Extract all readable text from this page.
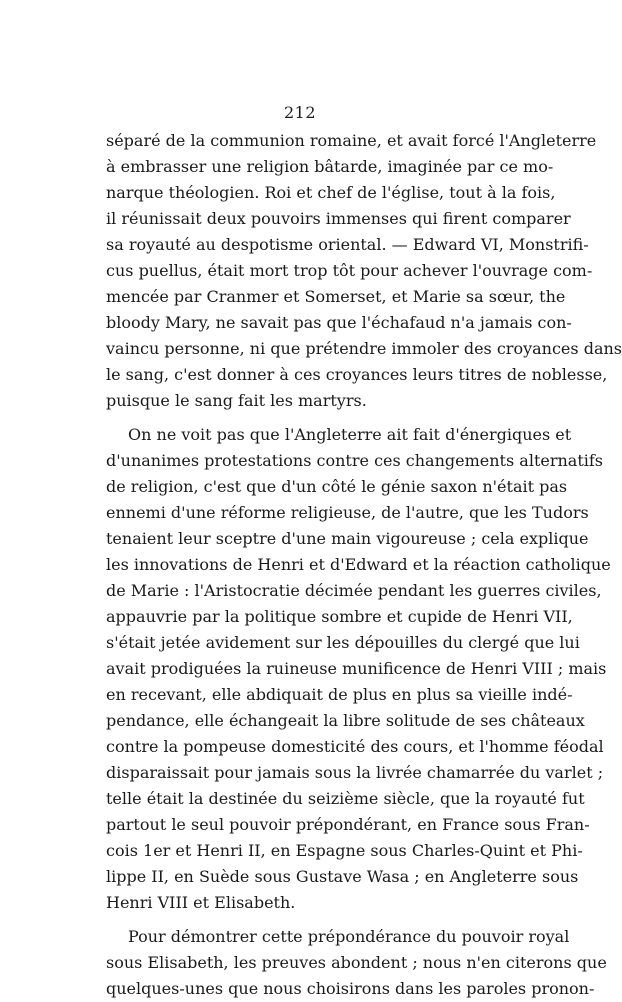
212
séparé de la communion romaine, et avait forcé l'Angleterre
à embrasser une religion bâtarde, imaginée par ce mo-
narque théologien. Roi et chef de l'église, tout à la fois,
il réunissait deux pouvoirs immenses qui firent comparer
sa royauté au despotisme oriental. — Edward VI, Monstrifi-
cus puellus, était mort trop tôt pour achever l'ouvrage com-
mencée par Cranmer et Somerset, et Marie sa sœur, the
bloody Mary, ne savait pas que l'échafaud n'a jamais con-
vaincu personne, ni que prétendre immoler des croyances dans
le sang, c'est donner à ces croyances leurs titres de noblesse,
puisque le sang fait les martyrs.
On ne voit pas que l'Angleterre ait fait d'énergiques et
d'unanimes protestations contre ces changements alternatifs
de religion, c'est que d'un côté le génie saxon n'était pas
ennemi d'une réforme religieuse, de l'autre, que les Tudors
tenaient leur sceptre d'une main vigoureuse ; cela explique
les innovations de Henri et d'Edward et la réaction catholique
de Marie : l'Aristocratie décimée pendant les guerres civiles,
appauvrie par la politique sombre et cupide de Henri VII,
s'était jetée avidement sur les dépouilles du clergé que lui
avait prodiguées la ruineuse munificence de Henri VIII ; mais
en recevant, elle abdiquait de plus en plus sa vieille indé-
pendance, elle échangeait la libre solitude de ses châteaux
contre la pompeuse domesticité des cours, et l'homme féodal
disparaissait pour jamais sous la livrée chamarrée du varlet ;
telle était la destinée du seizième siècle, que la royauté fut
partout le seul pouvoir prépondérant, en France sous Fran-
cois 1er et Henri II, en Espagne sous Charles-Quint et Phi-
lippe II, en Suède sous Gustave Wasa ; en Angleterre sous
Henri VIII et Elisabeth.
Pour démontrer cette prépondérance du pouvoir royal
sous Elisabeth, les preuves abondent ; nous n'en citerons que
quelques-unes que nous choisirons dans les paroles pronon-
